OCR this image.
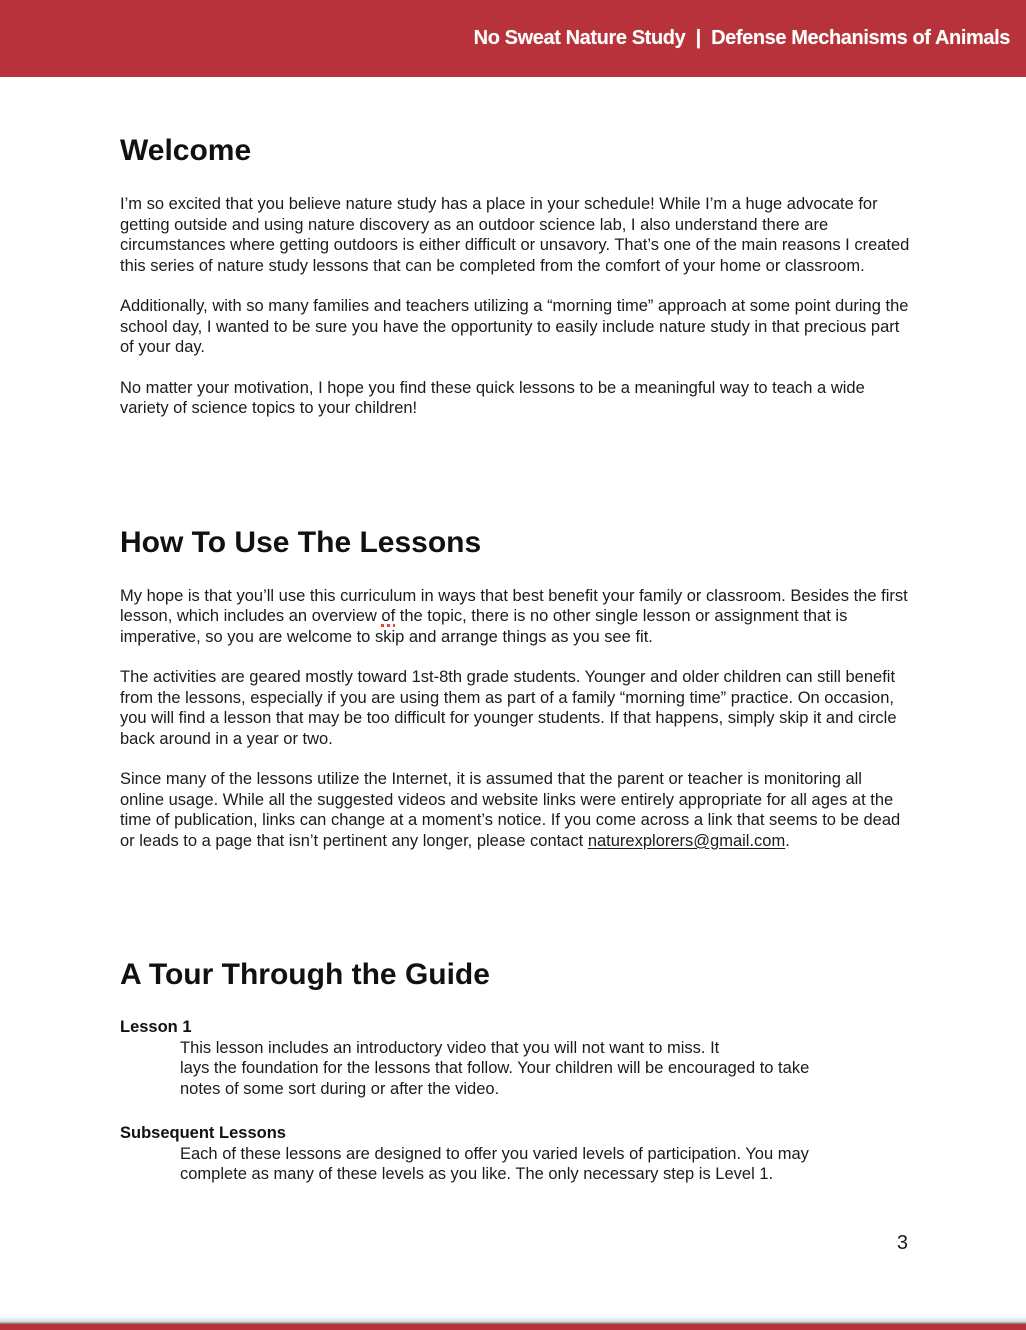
No Sweat Nature Study  |  Defense Mechanisms of Animals
Welcome

I’m so excited that you believe nature study has a place in your schedule! While I’m a huge advocate for getting outside and using nature discovery as an outdoor science lab, I also understand there are circumstances where getting outdoors is either difficult or unsavory. That’s one of the main reasons I created this series of nature study lessons that can be completed from the comfort of your home or classroom.

Additionally, with so many families and teachers utilizing a “morning time” approach at some point during the school day, I wanted to be sure you have the opportunity to easily include nature study in that precious part of your day.

No matter your motivation, I hope you find these quick lessons to be a meaningful way to teach a wide variety of science topics to your children!

How To Use The Lessons

My hope is that you’ll use this curriculum in ways that best benefit your family or classroom. Besides the first lesson, which includes an overview of the topic, there is no other single lesson or assignment that is imperative, so you are welcome to skip and arrange things as you see fit.

The activities are geared mostly toward 1st-8th grade students. Younger and older children can still benefit from the lessons, especially if you are using them as part of a family “morning time” practice. On occasion, you will find a lesson that may be too difficult for younger students. If that happens, simply skip it and circle back around in a year or two.

Since many of the lessons utilize the Internet, it is assumed that the parent or teacher is monitoring all online usage. While all the suggested videos and website links were entirely appropriate for all ages at the time of publication, links can change at a moment’s notice. If you come across a link that seems to be dead or leads to a page that isn’t pertinent any longer, please contact naturexplorers@gmail.com.

A Tour Through the Guide
Lesson 1
This lesson includes an introductory video that you will not want to miss. It
lays the foundation for the lessons that follow. Your children will be encouraged to take
notes of some sort during or after the video.
Subsequent Lessons
Each of these lessons are designed to offer you varied levels of participation. You may
complete as many of these levels as you like. The only necessary step is Level 1.
3
